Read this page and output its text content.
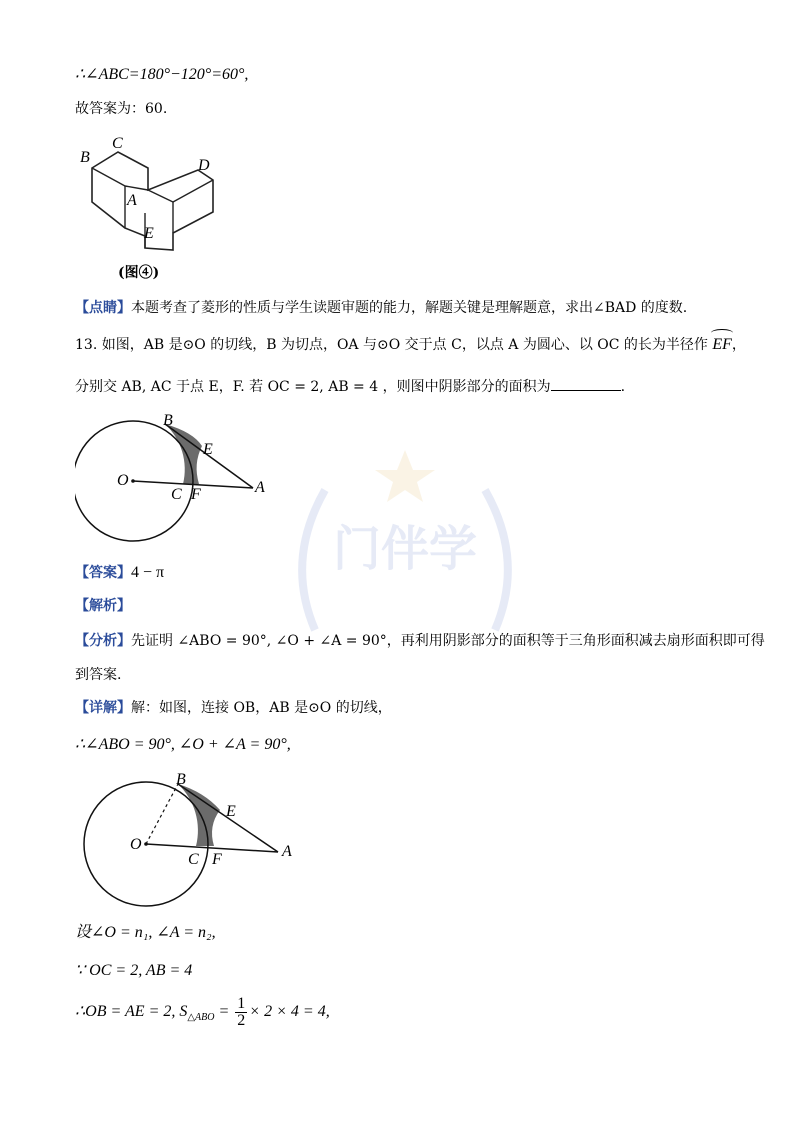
∴∠ABC=180°−120°=60°,
故答案为：60.
B
C
D
A
E
(图④)
【点睛】本题考查了菱形的性质与学生读题审题的能力，解题关键是理解题意，求出∠BAD 的度数.
13. 如图，AB 是⊙O 的切线，B 为切点，OA 与⊙O 交于点 C，以点 A 为圆心、以 OC 的长为半径作 EF，
分别交 AB, AC 于点 E，F. 若 OC = 2, AB = 4 ，则图中阴影部分的面积为	.
B
E
O
C F	A
【答案】4 − π
【解析】
【分析】先证明 ∠ABO = 90°, ∠O + ∠A = 90°，再利用阴影部分的面积等于三角形面积减去扇形面积即可得
到答案.
【详解】解：如图，连接 OB，AB 是⊙O 的切线，
∴∠ABO = 90°, ∠O + ∠A = 90°,
B
E
O
C F	A
设∠O = n₁, ∠A = n₂,
∵ OC = 2, AB = 4
∴OB = AE = 2, $S_{\triangle ABO} = \frac{1}{2} \times 2 \times 4 = 4$,
门伴学
